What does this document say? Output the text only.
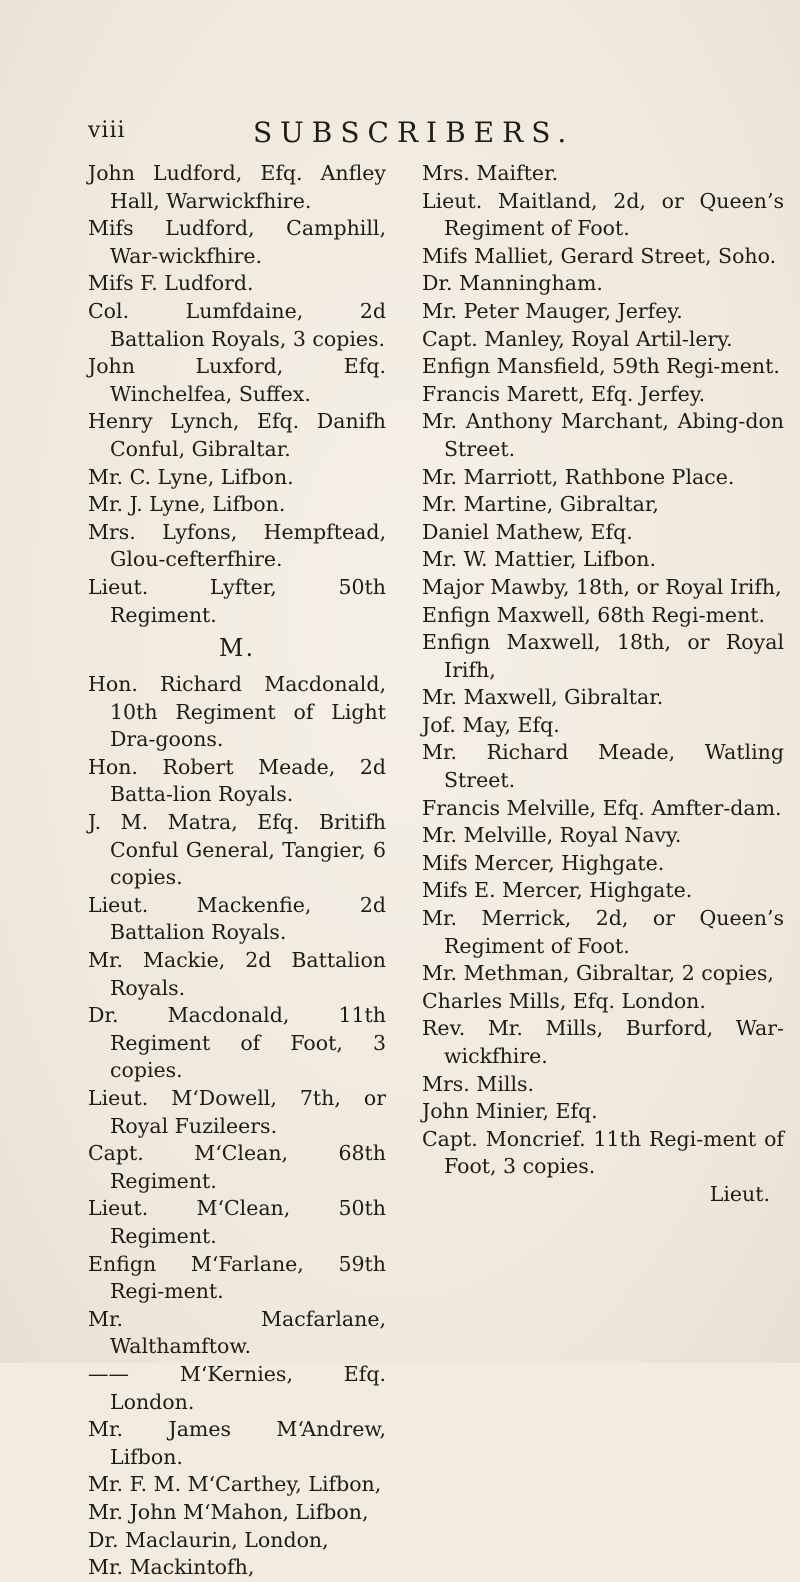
viii	SUBSCRIBERS.

John Ludford, Efq. Anfley Hall, Warwickfhire.

Mifs Ludford, Camphill, War-wickfhire.

Mifs F. Ludford.

Col. Lumfdaine, 2d Battalion Royals, 3 copies.

John Luxford, Efq. Winchelfea, Suffex.

Henry Lynch, Efq. Danifh Conful, Gibraltar.

Mr. C. Lyne, Lifbon.

Mr. J. Lyne, Lifbon.

Mrs. Lyfons, Hempftead, Glou-cefterfhire.

Lieut. Lyfter, 50th Regiment.

M.

Hon. Richard Macdonald, 10th Regiment of Light Dra-goons.

Hon. Robert Meade, 2d Batta-lion Royals.

J. M. Matra, Efq. Britifh Conful General, Tangier, 6 copies.

Lieut. Mackenfie, 2d Battalion Royals.

Mr. Mackie, 2d Battalion Royals.

Dr. Macdonald, 11th Regiment of Foot, 3 copies.

Lieut. M‘Dowell, 7th, or Royal Fuzileers.

Capt. M‘Clean, 68th Regiment.

Lieut. M‘Clean, 50th Regiment.

Enfign M‘Farlane, 59th Regi-ment.

Mr. Macfarlane, Walthamftow.

—— M‘Kernies, Efq. London.

Mr. James M‘Andrew, Lifbon.

Mr. F. M. M‘Carthey, Lifbon,

Mr. John M‘Mahon, Lifbon,

Dr. Maclaurin, London,

Mr. Mackintofh,

Mrs. Maifter.

Lieut. Maitland, 2d, or Queen’s Regiment of Foot.

Mifs Malliet, Gerard Street, Soho.

Dr. Manningham.

Mr. Peter Mauger, Jerfey.

Capt. Manley, Royal Artil-lery.

Enfign Mansfield, 59th Regi-ment.

Francis Marett, Efq. Jerfey.

Mr. Anthony Marchant, Abing-don Street.

Mr. Marriott, Rathbone Place.

Mr. Martine, Gibraltar,

Daniel Mathew, Efq.

Mr. W. Mattier, Lifbon.

Major Mawby, 18th, or Royal Irifh,

Enfign Maxwell, 68th Regi-ment.

Enfign Maxwell, 18th, or Royal Irifh,

Mr. Maxwell, Gibraltar.

Jof. May, Efq.

Mr. Richard Meade, Watling Street.

Francis Melville, Efq. Amfter-dam.

Mr. Melville, Royal Navy.

Mifs Mercer, Highgate.

Mifs E. Mercer, Highgate.

Mr. Merrick, 2d, or Queen’s Regiment of Foot.

Mr. Methman, Gibraltar, 2 copies,

Charles Mills, Efq. London.

Rev. Mr. Mills, Burford, War-wickfhire.

Mrs. Mills.

John Minier, Efq.

Capt. Moncrief. 11th Regi-ment of Foot, 3 copies.

Lieut.
